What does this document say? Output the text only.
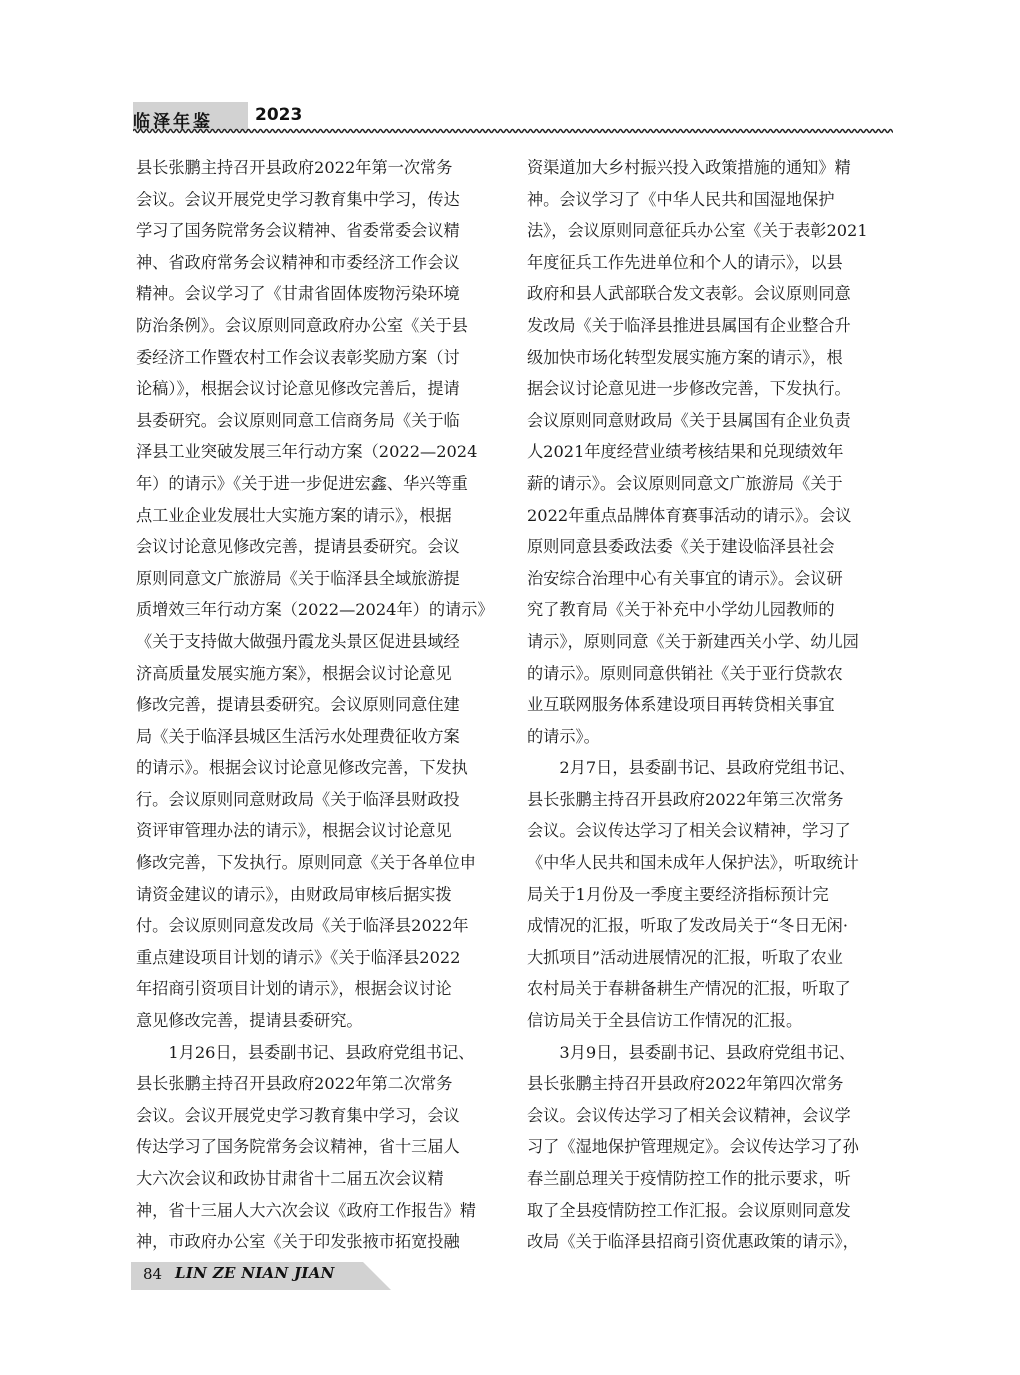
临泽年鉴 2023

县长张鹏主持召开县政府2022年第一次常务
会议。会议开展党史学习教育集中学习，传达
学习了国务院常务会议精神、省委常委会议精
神、省政府常务会议精神和市委经济工作会议
精神。会议学习了《甘肃省固体废物污染环境
防治条例》。会议原则同意政府办公室《关于县
委经济工作暨农村工作会议表彰奖励方案（讨
论稿）》，根据会议讨论意见修改完善后，提请
县委研究。会议原则同意工信商务局《关于临
泽县工业突破发展三年行动方案（2022—2024
年）的请示》《关于进一步促进宏鑫、华兴等重
点工业企业发展壮大实施方案的请示》，根据
会议讨论意见修改完善，提请县委研究。会议
原则同意文广旅游局《关于临泽县全域旅游提
质增效三年行动方案（2022—2024年）的请示》
《关于支持做大做强丹霞龙头景区促进县域经
济高质量发展实施方案》，根据会议讨论意见
修改完善，提请县委研究。会议原则同意住建
局《关于临泽县城区生活污水处理费征收方案
的请示》。根据会议讨论意见修改完善，下发执
行。会议原则同意财政局《关于临泽县财政投
资评审管理办法的请示》，根据会议讨论意见
修改完善，下发执行。原则同意《关于各单位申
请资金建议的请示》，由财政局审核后据实拨
付。会议原则同意发改局《关于临泽县2022年
重点建设项目计划的请示》《关于临泽县2022
年招商引资项目计划的请示》，根据会议讨论
意见修改完善，提请县委研究。

1月26日，县委副书记、县政府党组书记、
县长张鹏主持召开县政府2022年第二次常务
会议。会议开展党史学习教育集中学习，会议
传达学习了国务院常务会议精神，省十三届人
大六次会议和政协甘肃省十二届五次会议精
神，省十三届人大六次会议《政府工作报告》精
神，市政府办公室《关于印发张掖市拓宽投融

资渠道加大乡村振兴投入政策措施的通知》精
神。会议学习了《中华人民共和国湿地保护
法》，会议原则同意征兵办公室《关于表彰2021
年度征兵工作先进单位和个人的请示》，以县
政府和县人武部联合发文表彰。会议原则同意
发改局《关于临泽县推进县属国有企业整合升
级加快市场化转型发展实施方案的请示》，根
据会议讨论意见进一步修改完善，下发执行。
会议原则同意财政局《关于县属国有企业负责
人2021年度经营业绩考核结果和兑现绩效年
薪的请示》。会议原则同意文广旅游局《关于
2022年重点品牌体育赛事活动的请示》。会议
原则同意县委政法委《关于建设临泽县社会
治安综合治理中心有关事宜的请示》。会议研
究了教育局《关于补充中小学幼儿园教师的
请示》，原则同意《关于新建西关小学、幼儿园
的请示》。原则同意供销社《关于亚行贷款农
业互联网服务体系建设项目再转贷相关事宜
的请示》。

2月7日，县委副书记、县政府党组书记、
县长张鹏主持召开县政府2022年第三次常务
会议。会议传达学习了相关会议精神，学习了
《中华人民共和国未成年人保护法》，听取统计
局关于1月份及一季度主要经济指标预计完
成情况的汇报，听取了发改局关于“冬日无闲·
大抓项目”活动进展情况的汇报，听取了农业
农村局关于春耕备耕生产情况的汇报，听取了
信访局关于全县信访工作情况的汇报。

3月9日，县委副书记、县政府党组书记、
县长张鹏主持召开县政府2022年第四次常务
会议。会议传达学习了相关会议精神，会议学
习了《湿地保护管理规定》。会议传达学习了孙
春兰副总理关于疫情防控工作的批示要求，听
取了全县疫情防控工作汇报。会议原则同意发
改局《关于临泽县招商引资优惠政策的请示》，

84 LIN ZE NIAN JIAN
